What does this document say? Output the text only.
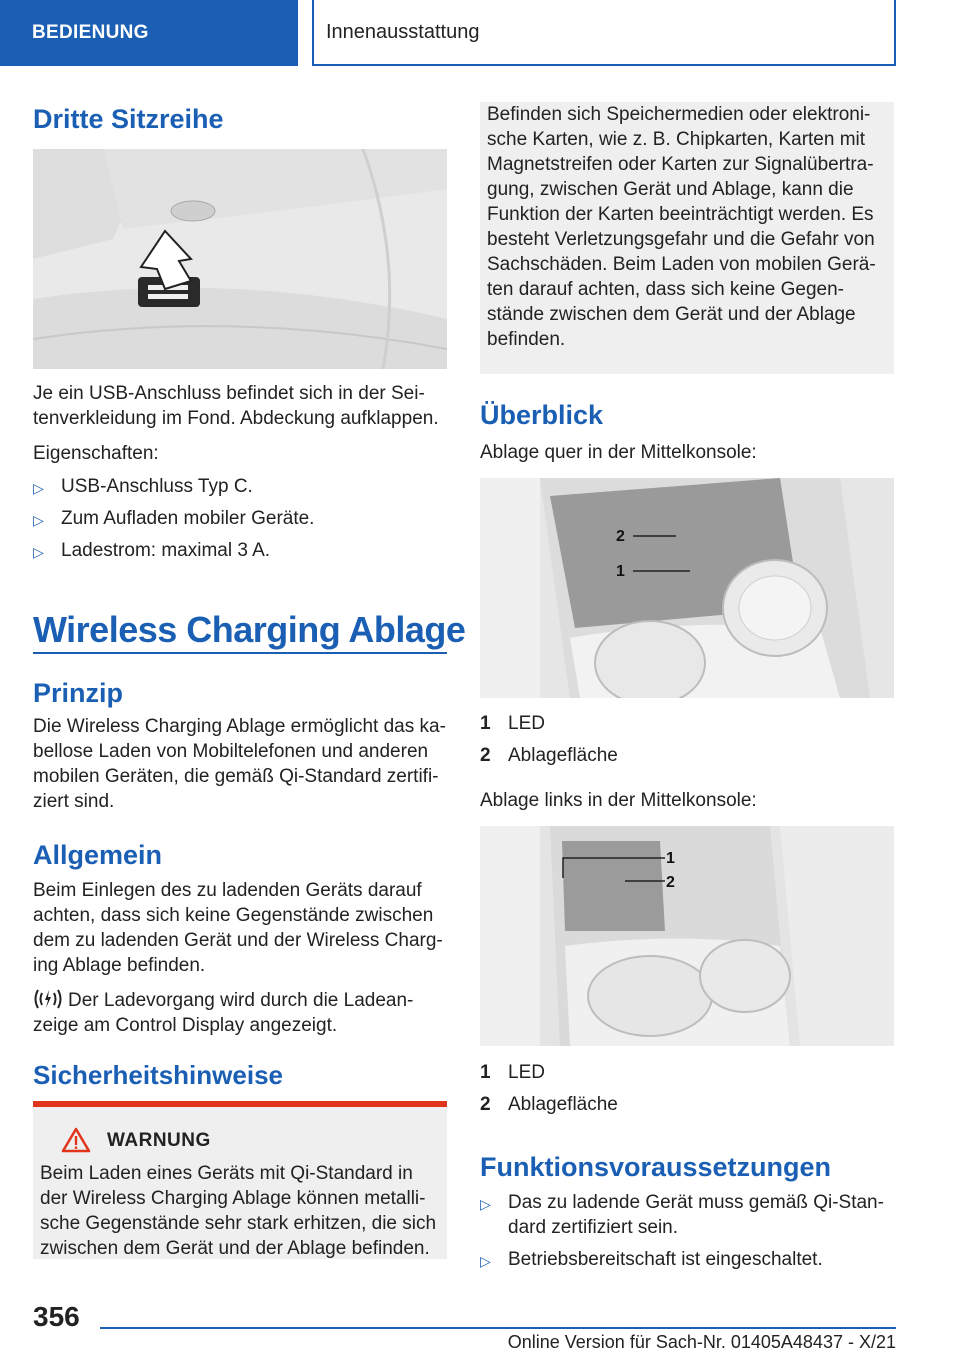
BEDIENUNG	Innenausstattung
Dritte Sitzreihe

Je ein USB-Anschluss befindet sich in der Sei-
tenverkleidung im Fond. Abdeckung aufklappen.

Eigenschaften:

▷ USB-Anschluss Typ C.
▷ Zum Aufladen mobiler Geräte.
▷ Ladestrom: maximal 3 A.
Wireless Charging Ablage
Prinzip

Die Wireless Charging Ablage ermöglicht das ka-
bellose Laden von Mobiltelefonen und anderen
mobilen Geräten, die gemäß Qi-Standard zertifi-
ziert sind.

Allgemein

Beim Einlegen des zu ladenden Geräts darauf
achten, dass sich keine Gegenstände zwischen
dem zu ladenden Gerät und der Wireless Charg-
ing Ablage befinden.

Der Ladevorgang wird durch die Ladean-

zeige am Control Display angezeigt.

Sicherheitshinweise
WARNUNG

Beim Laden eines Geräts mit Qi-Standard in
der Wireless Charging Ablage können metalli-
sche Gegenstände sehr stark erhitzen, die sich
zwischen dem Gerät und der Ablage befinden.

Befinden sich Speichermedien oder elektroni-
sche Karten, wie z. B. Chipkarten, Karten mit
Magnetstreifen oder Karten zur Signalübertra-
gung, zwischen Gerät und Ablage, kann die
Funktion der Karten beeinträchtigt werden. Es
besteht Verletzungsgefahr und die Gefahr von
Sachschäden. Beim Laden von mobilen Gerä-
ten darauf achten, dass sich keine Gegen-
stände zwischen dem Gerät und der Ablage
befinden.

Überblick

Ablage quer in der Mittelkonsole:

2
1
1 LED
2 Ablagefläche

Ablage links in der Mittelkonsole:

1
2
1 LED
2 Ablagefläche
Funktionsvoraussetzungen
▷ Das zu ladende Gerät muss gemäß Qi-Stan-
dard zertifiziert sein.
▷ Betriebsbereitschaft ist eingeschaltet.
356
Online Version für Sach-Nr. 01405A48437 - X/21
